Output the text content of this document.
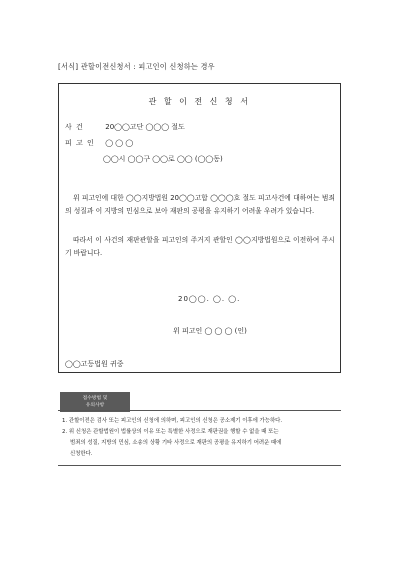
[서식] 관할이전신청서 : 피고인이 신청하는 경우
관 할 이 전 신 청 서
사 건	20◯◯고단 ◯◯◯ 절도
피 고 인 ◯ ◯ ◯
◯◯시 ◯◯구 ◯◯로 ◯◯ (◯◯동)
위 피고인에 대한 ◯◯지방법원 20◯◯고합 ◯◯◯호 절도 피고사건에 대하여는 범죄의 성질과 이 지방의 민심으로 보아 재판의 공평을 유지하기 어려울 우려가 있습니다.
따라서 이 사건의 재판관할을 피고인의 주거지 관할인 ◯◯지방법원으로 이전하여 주시기 바랍니다.
20◯◯. ◯. ◯.
위 피고인 ◯ ◯ ◯ (인)
◯◯고등법원 귀중
접수방법 및
유의사항
1. 관할이전은 검사 또는 피고인의 신청에 의하며, 피고인의 신청은 공소제기 이후에 가능하다.
2. 위 신청은 관할법원이 법률상의 이유 또는 특별한 사정으로 재판권을 행할 수 없을 때 또는
범죄의 성질, 지방의 민심, 소송의 상황 기타 사정으로 재판의 공평을 유지하기 어려운 때에
신청한다.
